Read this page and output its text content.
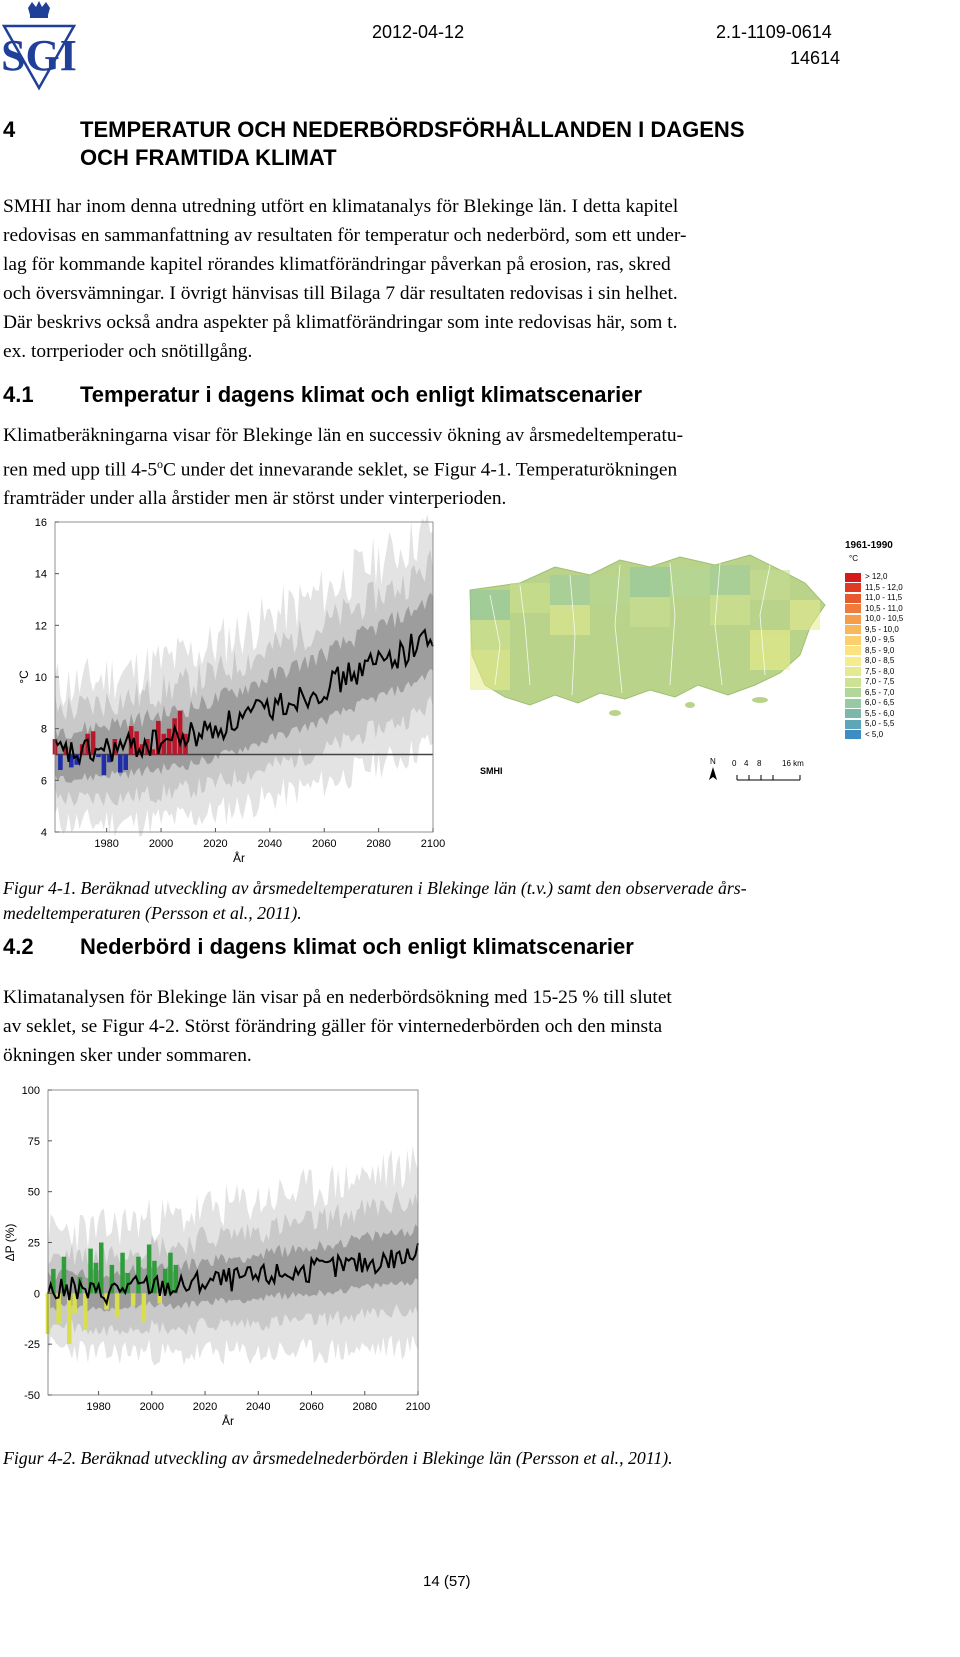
SGI	2012-04-12	2.1-1109-0614
14614
4	TEMPERATUR OCH NEDERBÖRDSFÖRHÅLLANDEN I DAGENS
OCH FRAMTIDA KLIMAT
SMHI har inom denna utredning utfört en klimatanalys för Blekinge län. I detta kapitel
redovisas en sammanfattning av resultaten för temperatur och nederbörd, som ett under-
lag för kommande kapitel rörandes klimatförändringar påverkan på erosion, ras, skred
och översvämningar. I övrigt hänvisas till Bilaga 7 där resultaten redovisas i sin helhet.
Där beskrivs också andra aspekter på klimatförändringar som inte redovisas här, som t.
ex. torrperioder och snötillgång.
4.1 Temperatur i dagens klimat och enligt klimatscenarier
Klimatberäkningarna visar för Blekinge län en successiv ökning av årsmedeltemperatu-
ren med upp till 4-5$^o$C under det innevarande seklet, se Figur 4-1. Temperaturökningen
framträder under alla årstider men är störst under vinterperioden.
4
6
8
10
12
14
16
1980	2000	2020	2040	2060	2080	2100
År
°C
SMHI
N 0 4 8	16 km
1961-1990
°C
> 12,0
11,5 - 12,0
11,0 - 11,5
10,5 - 11,0
10,0 - 10,5
9,5 - 10,0
9,0 - 9,5
8,5 - 9,0
8,0 - 8,5
7,5 - 8,0
7,0 - 7,5
6,5 - 7,0
6,0 - 6,5
5,5 - 6,0
5,0 - 5,5
< 5,0
Figur 4-1. Beräknad utveckling av årsmedeltemperaturen i Blekinge län (t.v.) samt den observerade års-
medeltemperaturen (Persson et al., 2011).
4.2 Nederbörd i dagens klimat och enligt klimatscenarier
Klimatanalysen för Blekinge län visar på en nederbördsökning med 15-25 % till slutet
av seklet, se Figur 4-2. Störst förändring gäller för vinternederbörden och den minsta
ökningen sker under sommaren.
-50
-25
0
25
50
75
100
1980	2000	2020	2040	2060	2080	2100
År
ΔP (%)
Figur 4-2. Beräknad utveckling av årsmedelnederbörden i Blekinge län (Persson et al., 2011).
14 (57)
